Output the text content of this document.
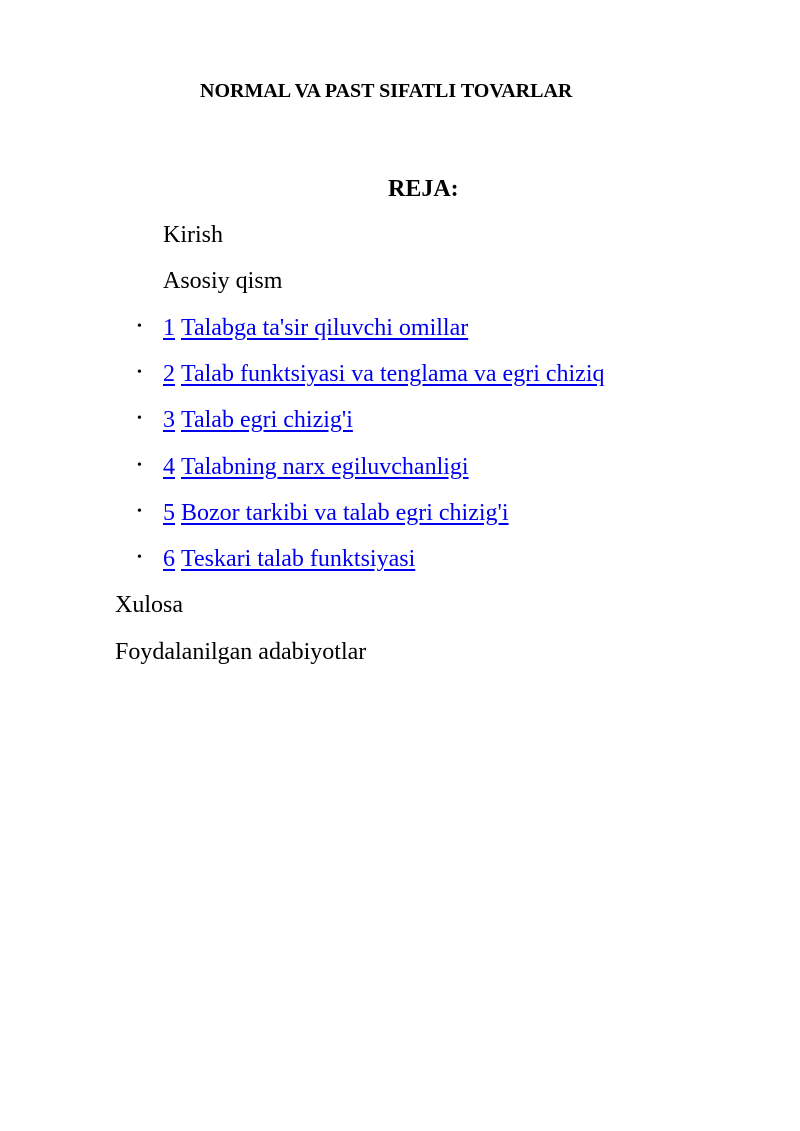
NORMAL VA PAST SIFATLI TOVARLAR
REJA:
Kirish
Asosiy qism
• 1 Talabga ta'sir qiluvchi omillar
• 2 Talab funktsiyasi va tenglama va egri chiziq
• 3 Talab egri chizig'i
• 4 Talabning narx egiluvchanligi
• 5 Bozor tarkibi va talab egri chizig'i
• 6 Teskari talab funktsiyasi
Xulosa
Foydalanilgan adabiyotlar
